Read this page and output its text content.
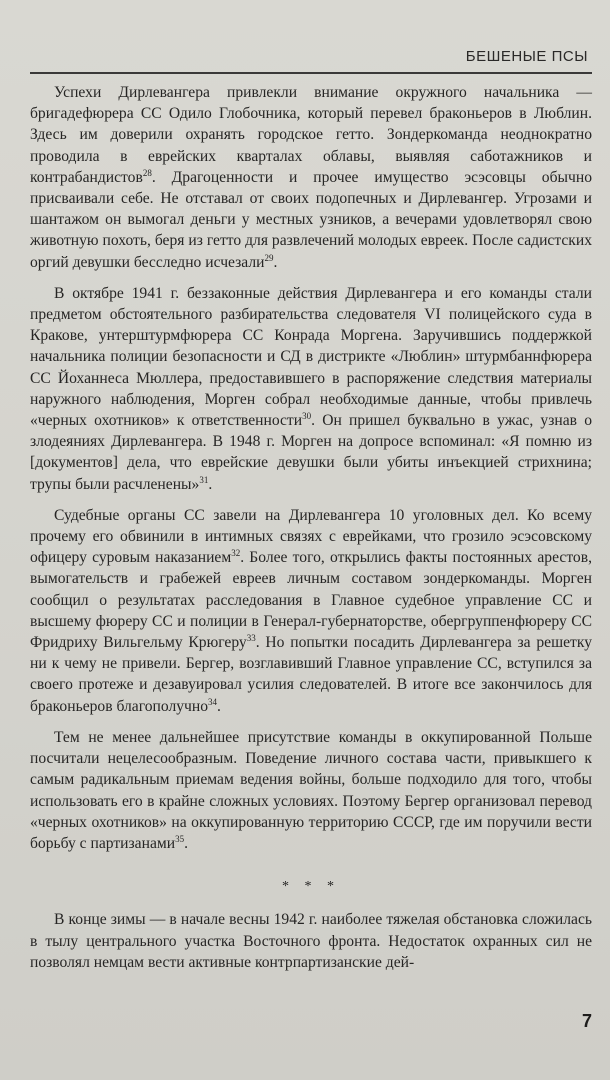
БЕШЕНЫЕ ПСЫ

Успехи Дирлевангера привлекли внимание окружного начальника — бригадефюрера СС Одило Глобочника, который перевел браконьеров в Люблин. Здесь им доверили охранять городское гетто. Зондеркоманда неоднократно проводила в еврейских кварталах облавы, выявляя саботажников и контрабандистов$^{28}$. Драгоценности и прочее имущество эсэсовцы обычно присваивали себе. Не отставал от своих подопечных и Дирлевангер. Угрозами и шантажом он вымогал деньги у местных узников, а вечерами удовлетворял свою животную похоть, беря из гетто для развлечений молодых евреек. После садистских оргий девушки бесследно исчезали$^{29}$.

В октябре 1941 г. беззаконные действия Дирлевангера и его команды стали предметом обстоятельного разбирательства следователя VI полицейского суда в Кракове, унтерштурмфюрера СС Конрада Моргена. Заручившись поддержкой начальника полиции безопасности и СД в дистрикте «Люблин» штурмбаннфюрера СС Йоханнеса Мюллера, предоставившего в распоряжение следствия материалы наружного наблюдения, Морген собрал необходимые данные, чтобы привлечь «черных охотников» к ответственности$^{30}$. Он пришел буквально в ужас, узнав о злодеяниях Дирлевангера. В 1948 г. Морген на допросе вспоминал: «Я помню из [документов] дела, что еврейские девушки были убиты инъекцией стрихнина; трупы были расчленены»$^{31}$.

Судебные органы СС завели на Дирлевангера 10 уголовных дел. Ко всему прочему его обвинили в интимных связях с еврейками, что грозило эсэсовскому офицеру суровым наказанием$^{32}$. Более того, открылись факты постоянных арестов, вымогательств и грабежей евреев личным составом зондеркоманды. Морген сообщил о результатах расследования в Главное судебное управление СС и высшему фюреру СС и полиции в Генерал-губернаторстве, обергруппенфюреру СС Фридриху Вильгельму Крюгеру$^{33}$. Но попытки посадить Дирлевангера за решетку ни к чему не привели. Бергер, возглавивший Главное управление СС, вступился за своего протеже и дезавуировал усилия следователей. В итоге все закончилось для браконьеров благополучно$^{34}$.

Тем не менее дальнейшее присутствие команды в оккупированной Польше посчитали нецелесообразным. Поведение личного состава части, привыкшего к самым радикальным приемам ведения войны, больше подходило для того, чтобы использовать его в крайне сложных условиях. Поэтому Бергер организовал перевод «черных охотников» на оккупированную территорию СССР, где им поручили вести борьбу с партизанами$^{35}$.

* * *

В конце зимы — в начале весны 1942 г. наиболее тяжелая обстановка сложилась в тылу центрального участка Восточного фронта. Недостаток охранных сил не позволял немцам вести активные контрпартизанские дей-

7
